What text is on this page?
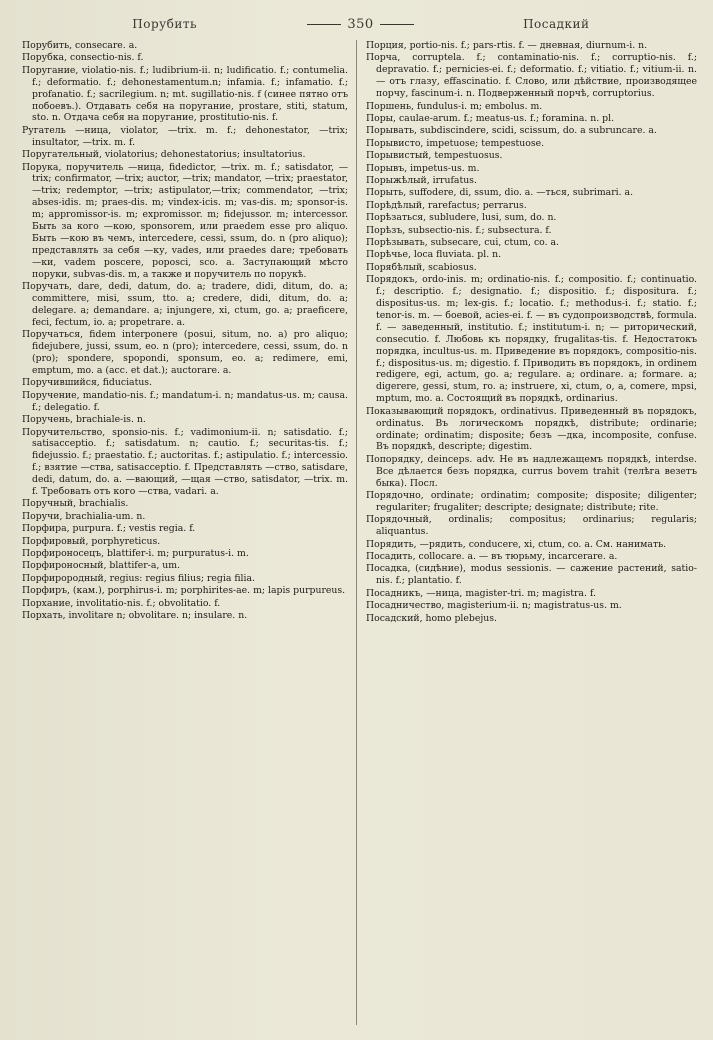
Порубить	350	Посадкий

Порубить, consecare. a.

Порубка, consectio-nis. f.

Поругание, violatio-nis. f.; ludibrium-ii. n; ludificatio. f.; contumelia. f.; deformatio. f.; dehonestamentum.n; infamia. f.; infamatio. f.; profanatio. f.; sacrilegium. n; mt. sugillatio-nis. f (синее пятно отъ побоевъ.). Отдавать себя на поругание, prostare, stiti, statum, sto. n. Отдача себя на поругание, prostitutio-nis. f.

Ругатель —ница, violator, —trix. m. f.; dehonestator, —trix; insultator, —trix. m. f.

Поругательный, violatorius; dehonestatorius; insultatorius.

Порука, поручитель —ница, fidedictor, —trix. m. f.; satisdator, —trix; confirmator, —trix; auctor, —trix; mandator, —trix; praestator, —trix; redemptor, —trix; astipulator,—trix; commendator, —trix; abses-idis. m; praes-dis. m; vindex-icis. m; vas-dis. m; sponsor-is. m; appromissor-is. m; expromissor. m; fidejussor. m; intercessor. Быть за кого —кою, sponsorem, или praedem esse pro aliquo. Быть —кою въ чемъ, intercedere, cessi, ssum, do. n (pro aliquo); представлять за себя —ку, vades, или praedes dare; требовать —ки, vadem poscere, poposci, sco. a. Заступающий мѣсто поруки, subvas-dis. m, а также и поручитель по порукѣ.

Поручать, dare, dedi, datum, do. a; tradere, didi, ditum, do. a; committere, misi, ssum, tto. a; credere, didi, ditum, do. a; delegare. a; demandare. a; injungere, xi, ctum, go. a; praeficere, feci, fectum, io. a; propetrare. a.

Поручаться, fidem interponere (posui, situm, no. a) pro aliquo; fidejubere, jussi, ssum, eo. n (pro); intercedere, cessi, ssum, do. n (pro); spondere, spopondi, sponsum, eo. a; redimere, emi, emptum, mo. a (acc. et dat.); auctorare. a.

Поручившийся, fiduciatus.

Поручение, mandatio-nis. f.; mandatum-i. n; mandatus-us. m; causa. f.; delegatio. f.

Поручень, brachiale-is. n.

Поручительство, sponsio-nis. f.; vadimonium-ii. n; satisdatio. f.; satisacceptio. f.; satisdatum. n; cautio. f.; securitas-tis. f.; fidejussio. f.; praestatio. f.; auctoritas. f.; astipulatio. f.; intercessio. f.; взятие —ства, satisacceptio. f. Представлять —ство, satisdare, dedi, datum, do. a. —вающий, —щая —ство, satisdator, —trix. m. f. Требовать отъ кого —ства, vadari. a.

Поручный, brachialis.

Поручи, brachialia-um. n.

Порфира, purpura. f.; vestis regia. f.

Порфировый, porphyreticus.

Порфироносецъ, blattifer-i. m; purpuratus-i. m.

Порфироносный, blattifer-a, um.

Порфирородный, regius: regius filius; regia filia.

Порфиръ, (кам.), porphirus-i. m; porphirites-ae. m; lapis purpureus.

Порхание, involitatio-nis. f.; obvolitatio. f.

Порхать, involitare n; obvolitare. n; insulare. n.

Порция, portio-nis. f.; pars-rtis. f. — дневная, diurnum-i. n.

Порча, corruptela. f.; contaminatio-nis. f.; corruptio-nis. f.; depravatio. f.; pernicies-ei. f.; deformatio. f.; vitiatio. f.; vitium-ii. n. — отъ глазу, effascinatio. f. Слово, или дѣйствие, производящее порчу, fascinum-i. n. Подверженный порчѣ, corruptorius.

Поршень, fundulus-i. m; embolus. m.

Поры, caulae-arum. f.; meatus-us. f.; foramina. n. pl.

Порывать, subdiscindere, scidi, scissum, do. a subruncare. a.

Порывисто, impetuose; tempestuose.

Порывистый, tempestuosus.

Порывъ, impetus-us. m.

Порыжѣлый, irrufatus.

Порыть, suffodere, di, ssum, dio. a. —ться, subrimari. a.

Порѣдѣлый, rarefactus; perrarus.

Порѣзаться, subludere, lusi, sum, do. n.

Порѣзъ, subsectio-nis. f.; subsectura. f.

Порѣзывать, subsecare, cui, ctum, co. a.

Порѣчье, loca fluviata. pl. n.

Порябѣлый, scabiosus.

Порядокъ, ordo-inis. m; ordinatio-nis. f.; compositio. f.; continuatio. f.; descriptio. f.; designatio. f.; dispositio. f.; dispositura. f.; dispositus-us. m; lex-gis. f.; locatio. f.; methodus-i. f.; statio. f.; tenor-is. m. — боевой, acies-ei. f. — въ судопроизводствѣ, formula. f. — заведенный, institutio. f.; institutum-i. n; — риторический, consecutio. f. Любовь къ порядку, frugalitas-tis. f. Недостатокъ порядка, incultus-us. m. Приведение въ порядокъ, compositio-nis. f.; dispositus-us. m; digestio. f. Приводить въ порядокъ, in ordinem redigere, egi, actum, go. a; regulare. a; ordinare. a; formare. a; digerere, gessi, stum, ro. a; instruere, xi, ctum, o, a, comere, mpsi, mptum, mo. a. Состоящий въ порядкѣ, ordinarius.

Показывающий порядокъ, ordinativus. Приведенный въ порядокъ, ordinatus. Въ логическомъ порядкѣ, distribute; ordinarie; ordinate; ordinatim; disposite; безъ —дка, incomposite, confuse. Въ порядкѣ, descripte; digestim.

Попорядку, deinceps. adv. Не въ надлежащемъ порядкѣ, interdse. Все дѣлается безъ порядка, currus bovem trahit (телѣга везетъ быка). Посл.

Порядочно, ordinate; ordinatim; composite; disposite; diligenter; regulariter; frugaliter; descripte; designate; distribute; rite.

Порядочный, ordinalis; compositus; ordinarius; regularis; aliquantus.

Порядить, —рядить, conducere, xi, ctum, co. a. См. нанимать.

Посадить, collocare. a. — въ тюрьму, incarcerare. a.

Посадка, (сидѣние), modus sessionis. — сажение растений, satio-nis. f.; plantatio. f.

Посадникъ, —ница, magister-tri. m; magistra. f.

Посадничество, magisterium-ii. n; magistratus-us. m.

Посадский, homo plebejus.
